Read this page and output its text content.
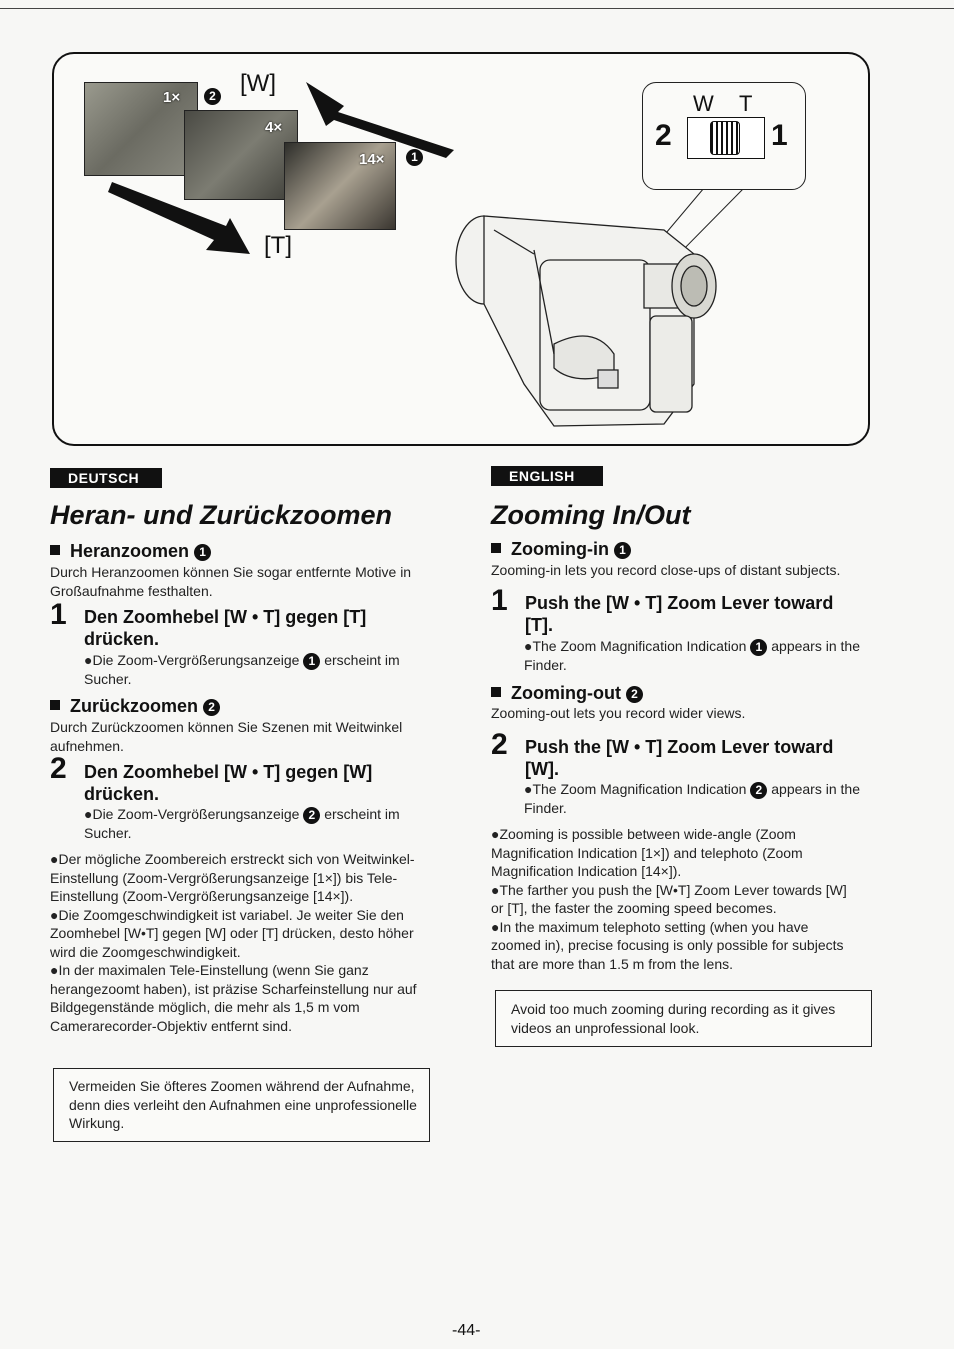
1×
4×
14×
2 [W]
1
[T]
W T
2	1
DEUTSCH
Heran- und Zurückzoomen
Heranzoomen 1
Durch Heranzoomen können Sie sogar entfernte Motive in Großaufnahme festhalten.
1 Den Zoomhebel [W • T] gegen [T] drücken.
●Die Zoom-Vergrößerungsanzeige 1 erscheint im Sucher.
Zurückzoomen 2
Durch Zurückzoomen können Sie Szenen mit Weitwinkel aufnehmen.
2 Den Zoomhebel [W • T] gegen [W] drücken.
●Die Zoom-Vergrößerungsanzeige 2 erscheint im Sucher.

●Der mögliche Zoombereich erstreckt sich von Weitwinkel-Einstellung (Zoom-Vergrößerungsanzeige [1×]) bis Tele-Einstellung (Zoom-Vergrößerungsanzeige [14×]).

●Die Zoomgeschwindigkeit ist variabel. Je weiter Sie den Zoomhebel [W•T] gegen [W] oder [T] drücken, desto höher wird die Zoomgeschwindigkeit.

●In der maximalen Tele-Einstellung (wenn Sie ganz herangezoomt haben), ist präzise Scharfeinstellung nur auf Bildgegenstände möglich, die mehr als 1,5 m vom Camerarecorder-Objektiv entfernt sind.

Vermeiden Sie öfteres Zoomen während der Aufnahme, denn dies verleiht den Aufnahmen eine unprofessionelle Wirkung.
ENGLISH
Zooming In/Out
Zooming-in 1
Zooming-in lets you record close-ups of distant subjects.
1 Push the [W • T] Zoom Lever toward [T].
●The Zoom Magnification Indication 1 appears in the Finder.
Zooming-out 2
Zooming-out lets you record wider views.
2 Push the [W • T] Zoom Lever toward [W].
●The Zoom Magnification Indication 2 appears in the Finder.

●Zooming is possible between wide-angle (Zoom Magnification Indication [1×]) and telephoto (Zoom Magnification Indication [14×]).

●The farther you push the [W•T] Zoom Lever towards [W] or [T], the faster the zooming speed becomes.

●In the maximum telephoto setting (when you have zoomed in), precise focusing is only possible for subjects that are more than 1.5 m from the lens.

Avoid too much zooming during recording as it gives videos an unprofessional look.
-44-
